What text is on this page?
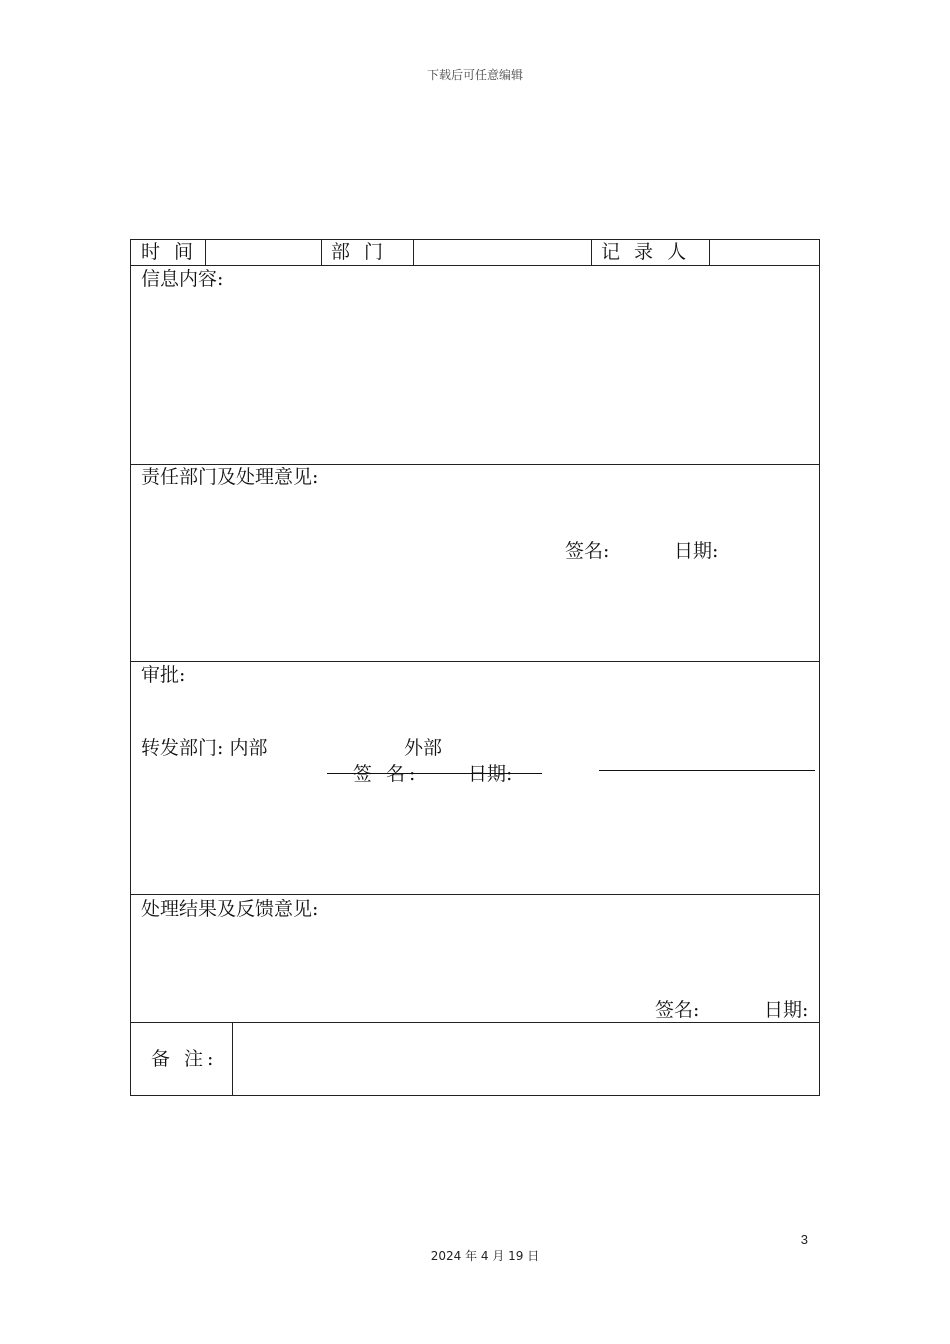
下载后可任意编辑
时 间	部 门	记 录 人
信息内容:
责任部门及处理意见:
签名:	日期:
审批:
转发部门: 内部	外部
签 名:	日期:
处理结果及反馈意见:
签名:	日期:
备 注:
3
2024 年 4 月 19 日
